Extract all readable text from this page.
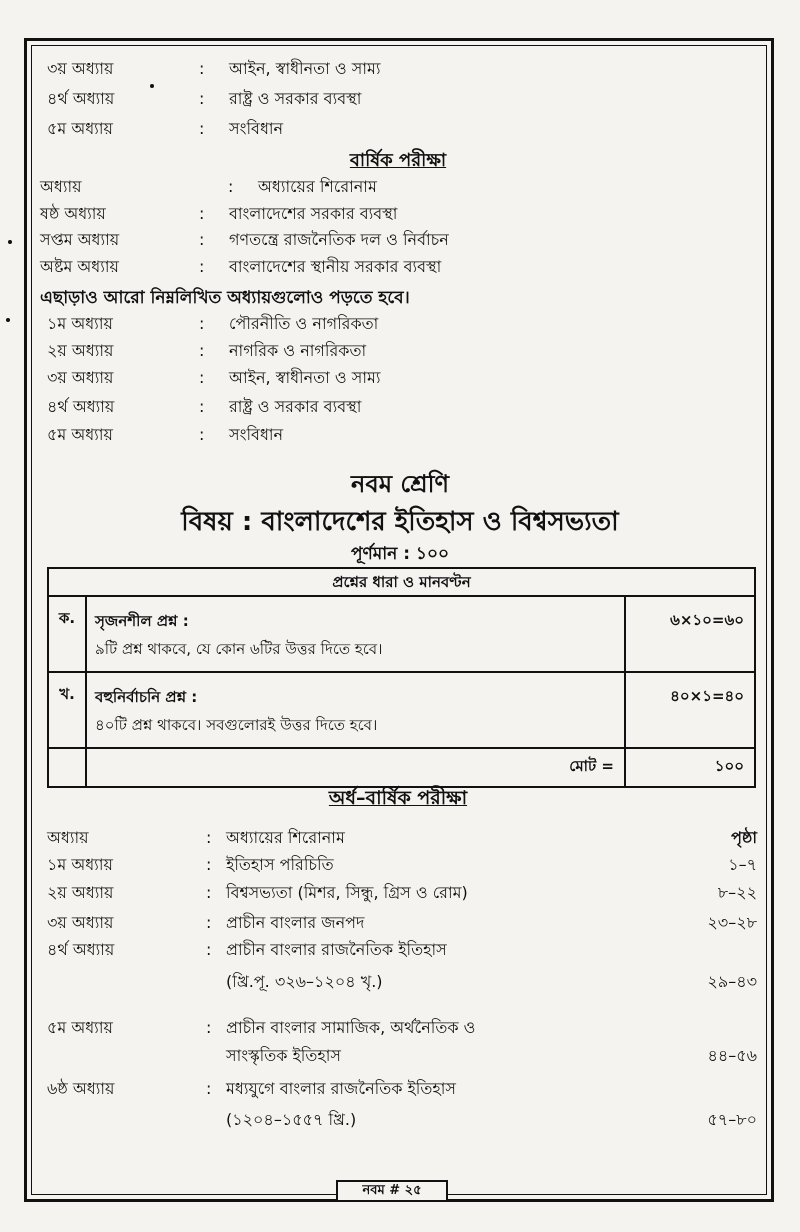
৩য় অধ্যায়	: আইন, স্বাধীনতা ও সাম্য
৪র্থ অধ্যায়	: রাষ্ট্র ও সরকার ব্যবস্থা
৫ম অধ্যায়	: সংবিধান
বার্ষিক পরীক্ষা
অধ্যায়	: অধ্যায়ের শিরোনাম
ষষ্ঠ অধ্যায়	: বাংলাদেশের সরকার ব্যবস্থা
সপ্তম অধ্যায়	: গণতন্ত্রে রাজনৈতিক দল ও নির্বাচন
অষ্টম অধ্যায়	: বাংলাদেশের স্থানীয় সরকার ব্যবস্থা
এছাড়াও আরো নিম্নলিখিত অধ্যায়গুলোও পড়তে হবে।
১ম অধ্যায়	: পৌরনীতি ও নাগরিকতা
২য় অধ্যায়	: নাগরিক ও নাগরিকতা
৩য় অধ্যায়	: আইন, স্বাধীনতা ও সাম্য
৪র্থ অধ্যায়	: রাষ্ট্র ও সরকার ব্যবস্থা
৫ম অধ্যায়	: সংবিধান
নবম শ্রেণি
বিষয় : বাংলাদেশের ইতিহাস ও বিশ্বসভ্যতা
পূর্ণমান : ১০০
প্রশ্নের ধারা ও মানবণ্টন		
ক.	সৃজনশীল প্রশ্ন :
৯টি প্রশ্ন থাকবে, যে কোন ৬টির উত্তর দিতে হবে।	৬×১০=৬০
খ.	বহুনির্বাচনি প্রশ্ন :
৪০টি প্রশ্ন থাকবে। সবগুলোরই উত্তর দিতে হবে।	৪০×১=৪০
	মোট =	১০০
অর্ধ–বার্ষিক পরীক্ষা
অধ্যায়	: অধ্যায়ের শিরোনাম	পৃষ্ঠা
১ম অধ্যায়	: ইতিহাস পরিচিতি	১–৭
২য় অধ্যায়	: বিশ্বসভ্যতা (মিশর, সিন্ধু, গ্রিস ও রোম)	৮–২২
৩য় অধ্যায়	: প্রাচীন বাংলার জনপদ	২৩–২৮
৪র্থ অধ্যায়	: প্রাচীন বাংলার রাজনৈতিক ইতিহাস
(খ্রি.পূ. ৩২৬–১২০৪ খৃ.)	২৯–৪৩
৫ম অধ্যায়	: প্রাচীন বাংলার সামাজিক, অর্থনৈতিক ও
সাংস্কৃতিক ইতিহাস	৪৪–৫৬
৬ষ্ঠ অধ্যায়	: মধ্যযুগে বাংলার রাজনৈতিক ইতিহাস
(১২০৪–১৫৫৭ খ্রি.)	৫৭–৮০
নবম # ২৫
